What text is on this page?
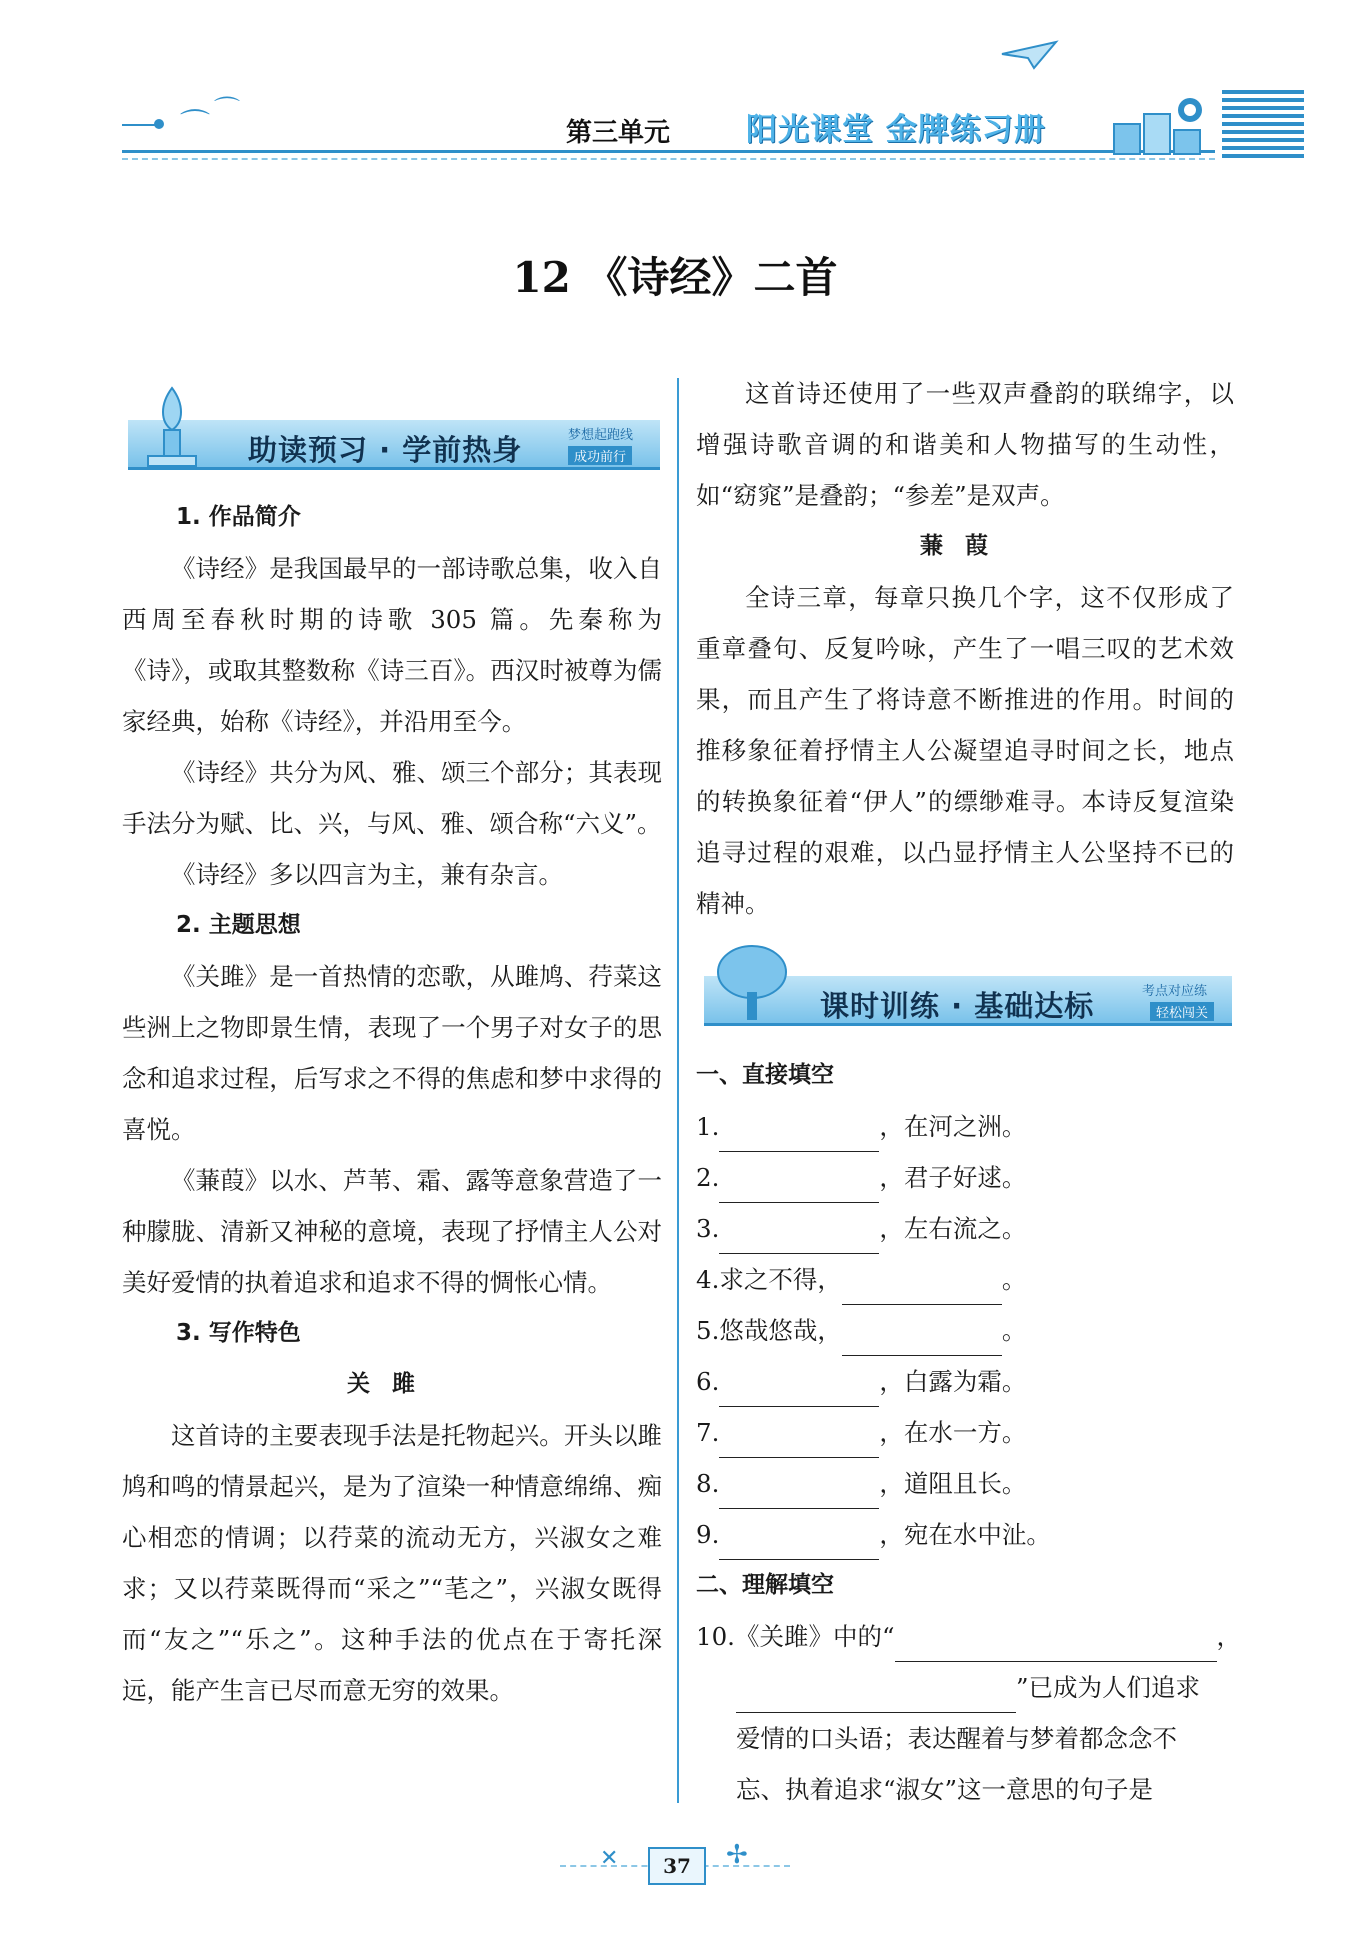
⌒ ⌒
第三单元 阳光课堂 金牌练习册
12 《诗经》二首
助读预习 · 学前热身	梦想起跑线
成功前行

1. 作品简介

《诗经》是我国最早的一部诗歌总集，收入自西周至春秋时期的诗歌 305 篇。先秦称为《诗》，或取其整数称《诗三百》。西汉时被尊为儒家经典，始称《诗经》，并沿用至今。

《诗经》共分为风、雅、颂三个部分；其表现手法分为赋、比、兴，与风、雅、颂合称“六义”。

《诗经》多以四言为主，兼有杂言。

2. 主题思想

《关雎》是一首热情的恋歌，从雎鸠、荇菜这些洲上之物即景生情，表现了一个男子对女子的思念和追求过程，后写求之不得的焦虑和梦中求得的喜悦。

《蒹葭》以水、芦苇、霜、露等意象营造了一种朦胧、清新又神秘的意境，表现了抒情主人公对美好爱情的执着追求和追求不得的惆怅心情。

3. 写作特色

关雎

这首诗的主要表现手法是托物起兴。开头以雎鸠和鸣的情景起兴，是为了渲染一种情意绵绵、痴心相恋的情调；以荇菜的流动无方，兴淑女之难求；又以荇菜既得而“采之”“芼之”，兴淑女既得而“友之”“乐之”。这种手法的优点在于寄托深远，能产生言已尽而意无穷的效果。

这首诗还使用了一些双声叠韵的联绵字，以增强诗歌音调的和谐美和人物描写的生动性，如“窈窕”是叠韵；“参差”是双声。

蒹葭

全诗三章，每章只换几个字，这不仅形成了重章叠句、反复吟咏，产生了一唱三叹的艺术效果，而且产生了将诗意不断推进的作用。时间的推移象征着抒情主人公凝望追寻时间之长，地点的转换象征着“伊人”的缥缈难寻。本诗反复渲染追寻过程的艰难，以凸显抒情主人公坚持不已的精神。

课时训练 · 基础达标	考点对应练
轻松闯关

一、直接填空

1.	，在河之洲。
2.	，君子好逑。
3.	，左右流之。
4.求之不得，	。
5.悠哉悠哉，	。
6.	，白露为霜。
7.	，在水一方。
8.	，道阻且长。
9.	，宛在水中沚。

二、理解填空

10.《关雎》中的“	，
”已成为人们追求
爱情的口头语；表达醒着与梦着都念念不
忘、执着追求“淑女”这一意思的句子是
✕	✢
37
